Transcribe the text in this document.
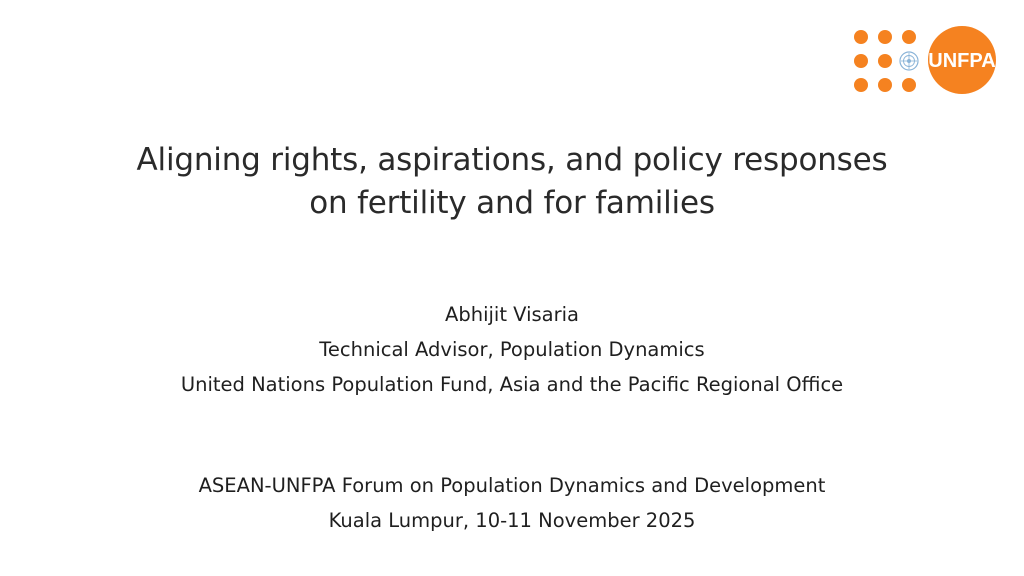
UNFPA
Aligning rights, aspirations, and policy responses
on fertility and for families
Abhijit Visaria
Technical Advisor, Population Dynamics
United Nations Population Fund, Asia and the Pacific Regional Office
ASEAN-UNFPA Forum on Population Dynamics and Development
Kuala Lumpur, 10-11 November 2025
